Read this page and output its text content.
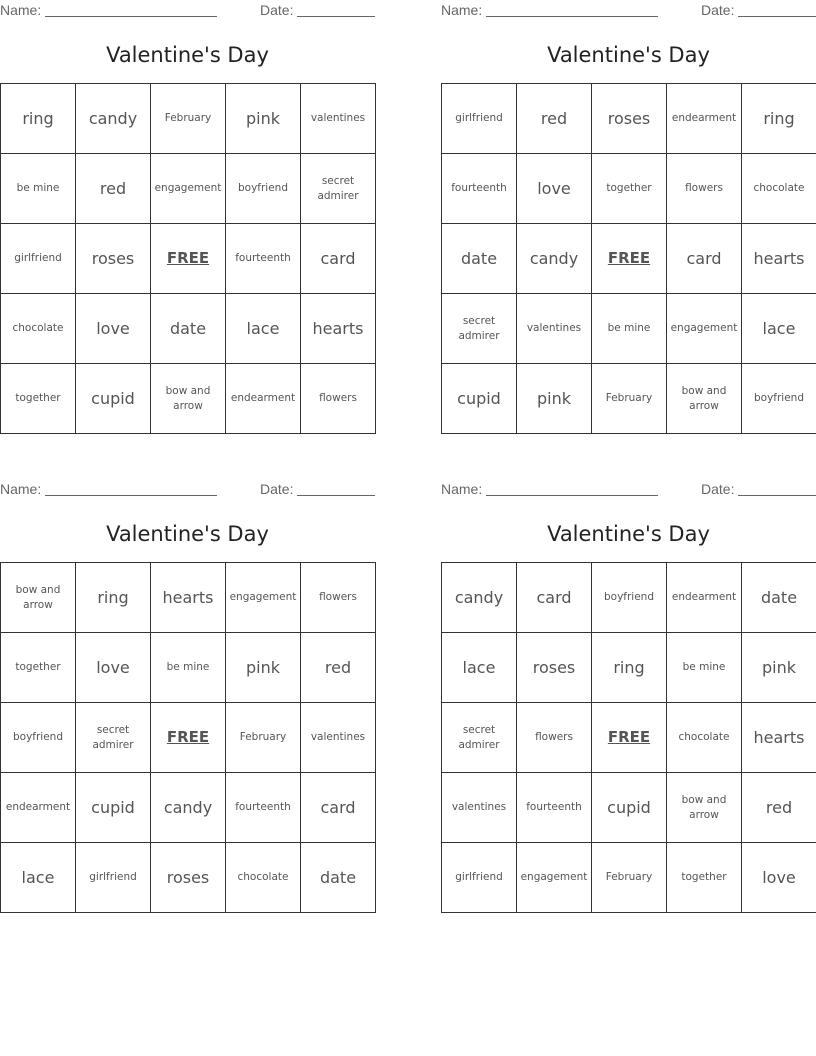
Name:	Date:
Valentine's Day
ring	candy	February	pink	valentines
be mine	red	engagement	boyfriend	secret admirer
girlfriend	roses	FREE	fourteenth	card
chocolate	love	date	lace	hearts
together	cupid	bow and arrow	endearment	flowers
Name:	Date:
Valentine's Day
girlfriend	red	roses	endearment	ring
fourteenth	love	together	flowers	chocolate
date	candy	FREE	card	hearts
secret admirer	valentines	be mine	engagement	lace
cupid	pink	February	bow and arrow	boyfriend
Name:	Date:
Valentine's Day
bow and arrow	ring	hearts	engagement	flowers
together	love	be mine	pink	red
boyfriend	secret admirer	FREE	February	valentines
endearment	cupid	candy	fourteenth	card
lace	girlfriend	roses	chocolate	date
Name:	Date:
Valentine's Day
candy	card	boyfriend	endearment	date
lace	roses	ring	be mine	pink
secret admirer	flowers	FREE	chocolate	hearts
valentines	fourteenth	cupid	bow and arrow	red
girlfriend	engagement	February	together	love
